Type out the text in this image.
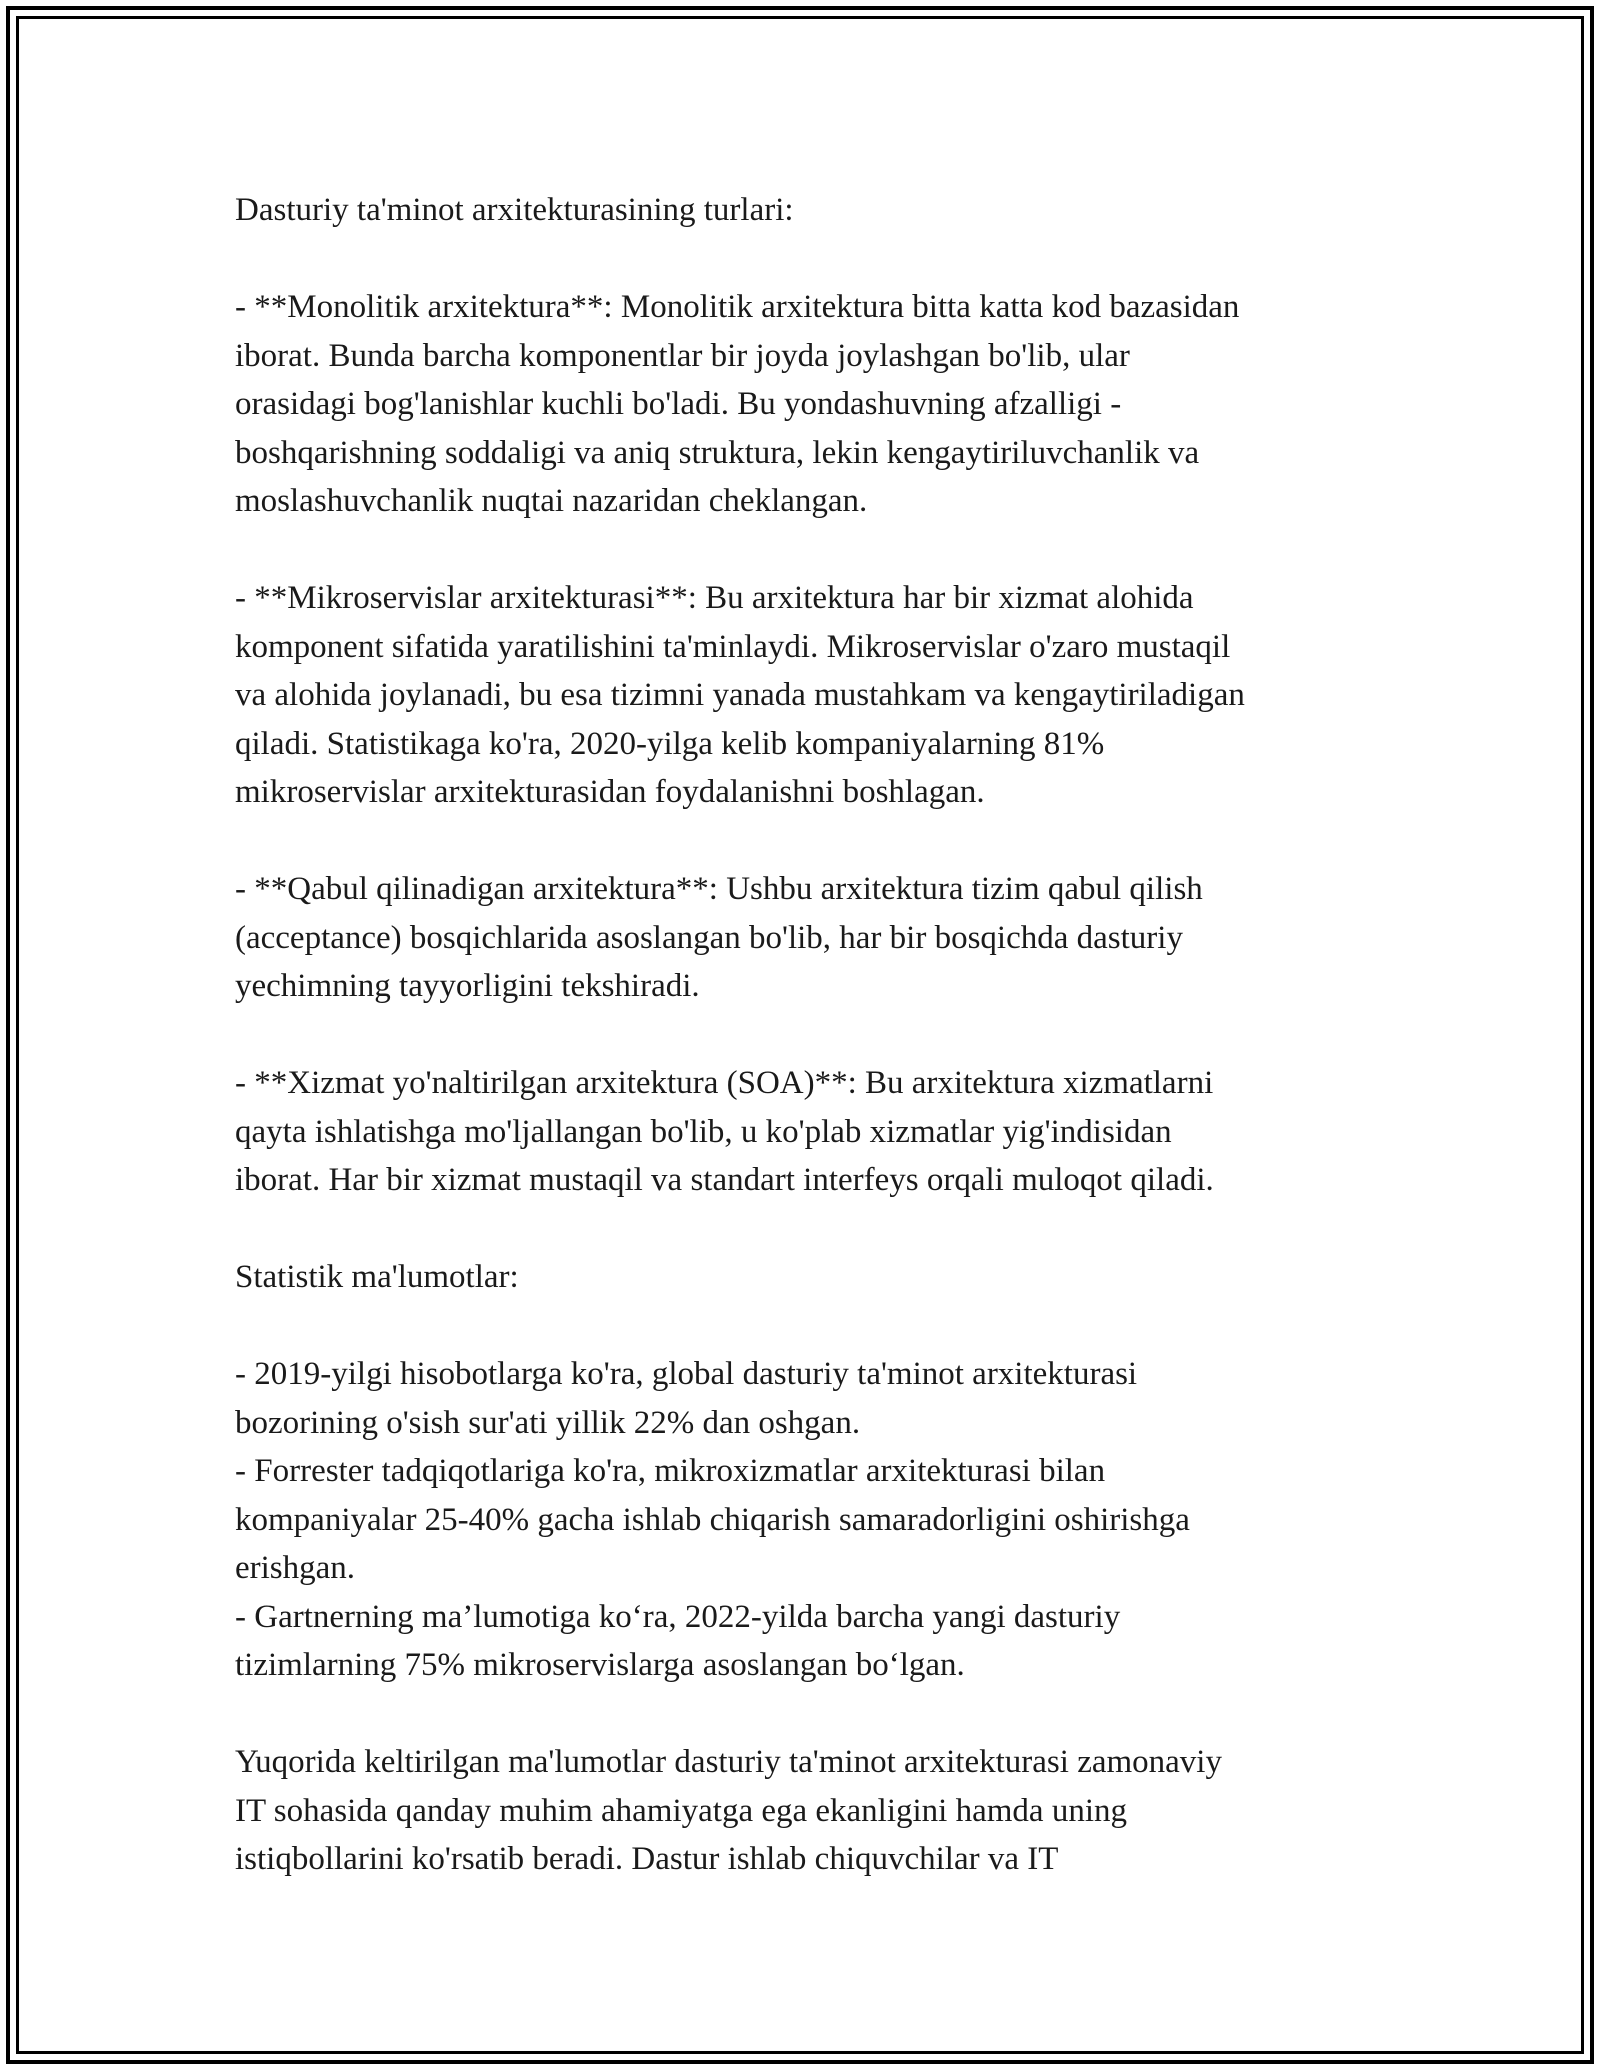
Dasturiy ta'minot arxitekturasining turlari:
- **Monolitik arxitektura**: Monolitik arxitektura bitta katta kod bazasidan
iborat. Bunda barcha komponentlar bir joyda joylashgan bo'lib, ular
orasidagi bog'lanishlar kuchli bo'ladi. Bu yondashuvning afzalligi -
boshqarishning soddaligi va aniq struktura, lekin kengaytiriluvchanlik va
moslashuvchanlik nuqtai nazaridan cheklangan.
- **Mikroservislar arxitekturasi**: Bu arxitektura har bir xizmat alohida
komponent sifatida yaratilishini ta'minlaydi. Mikroservislar o'zaro mustaqil
va alohida joylanadi, bu esa tizimni yanada mustahkam va kengaytiriladigan
qiladi. Statistikaga ko'ra, 2020-yilga kelib kompaniyalarning 81%
mikroservislar arxitekturasidan foydalanishni boshlagan.
- **Qabul qilinadigan arxitektura**: Ushbu arxitektura tizim qabul qilish
(acceptance) bosqichlarida asoslangan bo'lib, har bir bosqichda dasturiy
yechimning tayyorligini tekshiradi.
- **Xizmat yo'naltirilgan arxitektura (SOA)**: Bu arxitektura xizmatlarni
qayta ishlatishga mo'ljallangan bo'lib, u ko'plab xizmatlar yig'indisidan
iborat. Har bir xizmat mustaqil va standart interfeys orqali muloqot qiladi.
Statistik ma'lumotlar:
- 2019-yilgi hisobotlarga ko'ra, global dasturiy ta'minot arxitekturasi
bozorining o'sish sur'ati yillik 22% dan oshgan.
- Forrester tadqiqotlariga ko'ra, mikroxizmatlar arxitekturasi bilan
kompaniyalar 25-40% gacha ishlab chiqarish samaradorligini oshirishga
erishgan.
- Gartnerning ma’lumotiga ko‘ra, 2022-yilda barcha yangi dasturiy
tizimlarning 75% mikroservislarga asoslangan bo‘lgan.
Yuqorida keltirilgan ma'lumotlar dasturiy ta'minot arxitekturasi zamonaviy
IT sohasida qanday muhim ahamiyatga ega ekanligini hamda uning
istiqbollarini ko'rsatib beradi. Dastur ishlab chiquvchilar va IT
